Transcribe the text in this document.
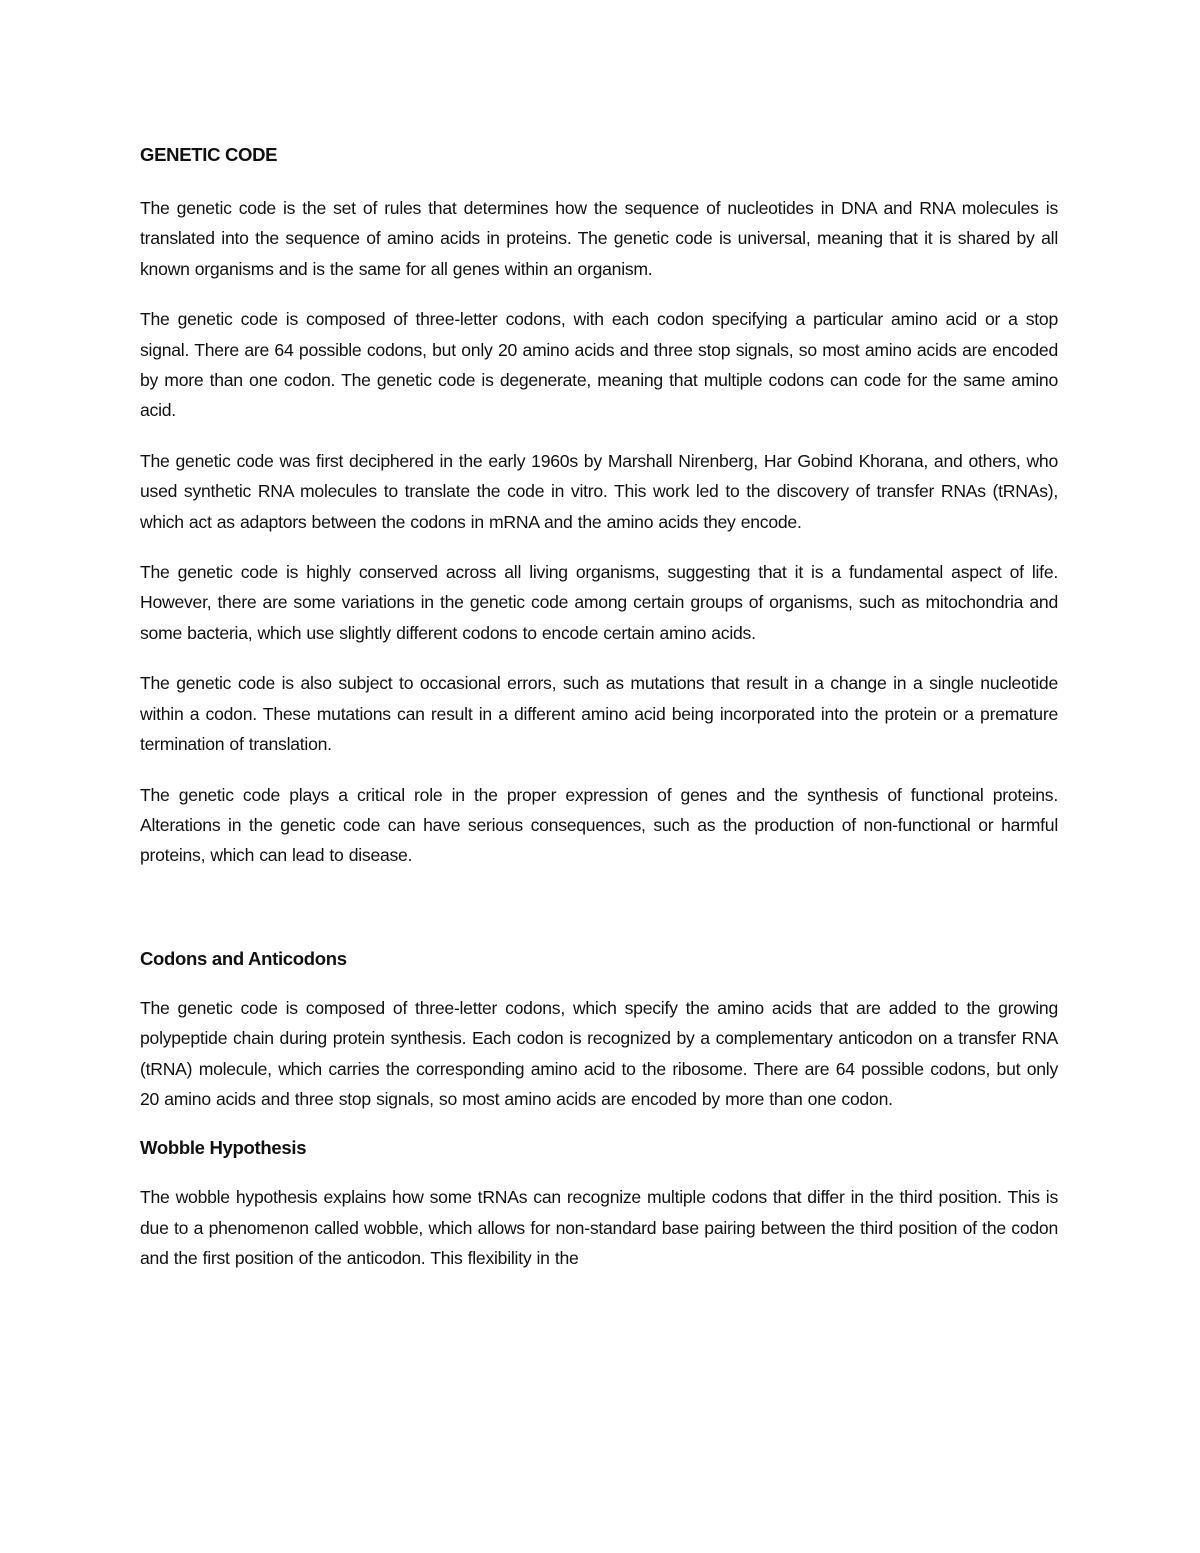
GENETIC CODE

The genetic code is the set of rules that determines how the sequence of nucleotides in DNA and RNA molecules is translated into the sequence of amino acids in proteins. The genetic code is universal, meaning that it is shared by all known organisms and is the same for all genes within an organism.

The genetic code is composed of three-letter codons, with each codon specifying a particular amino acid or a stop signal. There are 64 possible codons, but only 20 amino acids and three stop signals, so most amino acids are encoded by more than one codon. The genetic code is degenerate, meaning that multiple codons can code for the same amino acid.

The genetic code was first deciphered in the early 1960s by Marshall Nirenberg, Har Gobind Khorana, and others, who used synthetic RNA molecules to translate the code in vitro. This work led to the discovery of transfer RNAs (tRNAs), which act as adaptors between the codons in mRNA and the amino acids they encode.

The genetic code is highly conserved across all living organisms, suggesting that it is a fundamental aspect of life. However, there are some variations in the genetic code among certain groups of organisms, such as mitochondria and some bacteria, which use slightly different codons to encode certain amino acids.

The genetic code is also subject to occasional errors, such as mutations that result in a change in a single nucleotide within a codon. These mutations can result in a different amino acid being incorporated into the protein or a premature termination of translation.

The genetic code plays a critical role in the proper expression of genes and the synthesis of functional proteins. Alterations in the genetic code can have serious consequences, such as the production of non-functional or harmful proteins, which can lead to disease.

Codons and Anticodons

The genetic code is composed of three-letter codons, which specify the amino acids that are added to the growing polypeptide chain during protein synthesis. Each codon is recognized by a complementary anticodon on a transfer RNA (tRNA) molecule, which carries the corresponding amino acid to the ribosome. There are 64 possible codons, but only 20 amino acids and three stop signals, so most amino acids are encoded by more than one codon.

Wobble Hypothesis

The wobble hypothesis explains how some tRNAs can recognize multiple codons that differ in the third position. This is due to a phenomenon called wobble, which allows for non-standard base pairing between the third position of the codon and the first position of the anticodon. This flexibility in the
